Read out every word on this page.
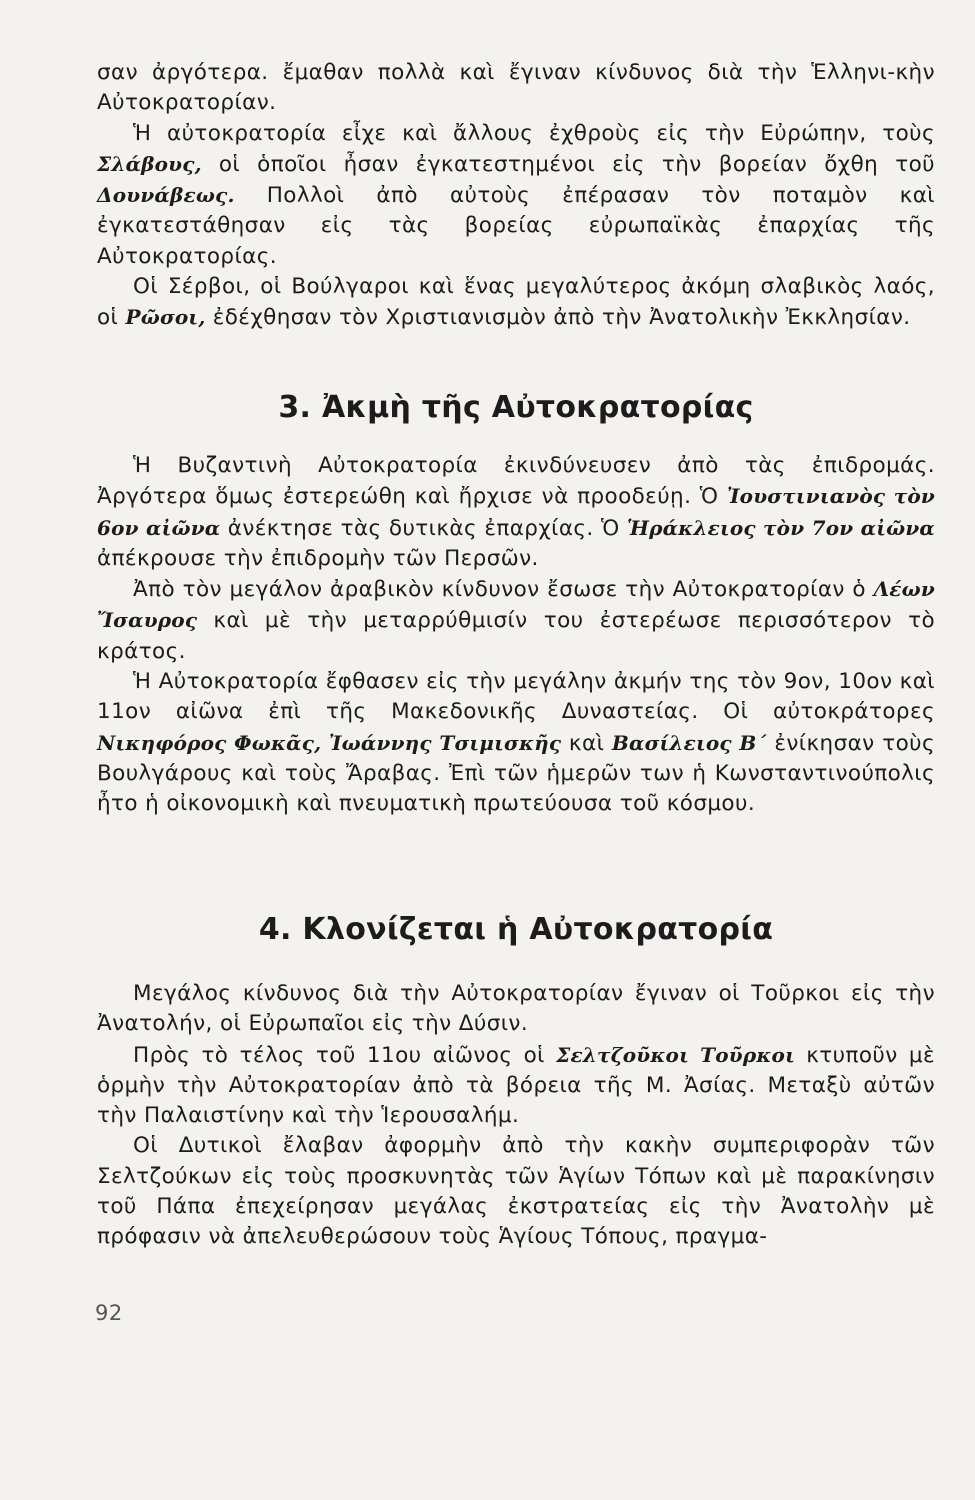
σαν ἀργότερα. ἔμαθαν πολλὰ καὶ ἔγιναν κίνδυνος διὰ τὴν Ἑλληνι-κὴν Αὐτοκρατορίαν.

Ἡ αὐτοκρατορία εἶχε καὶ ἄλλους ἐχθροὺς εἰς τὴν Εὐρώπην, τοὺς Σλάβους, οἱ ὁποῖοι ἦσαν ἐγκατεστημένοι εἰς τὴν βορείαν ὄχθη τοῦ Δουνάβεως. Πολλοὶ ἀπὸ αὐτοὺς ἐπέρασαν τὸν ποταμὸν καὶ ἐγκατεστάθησαν εἰς τὰς βορείας εὐρωπαϊκὰς ἐπαρχίας τῆς Αὐτοκρατορίας.

Οἱ Σέρβοι, οἱ Βούλγαροι καὶ ἕνας μεγαλύτερος ἀκόμη σλαβικὸς λαός, οἱ Ρῶσοι, ἐδέχθησαν τὸν Χριστιανισμὸν ἀπὸ τὴν Ἀνατολικὴν Ἐκκλησίαν.

3. Ἀκμὴ τῆς Αὐτοκρατορίας

Ἡ Βυζαντινὴ Αὐτοκρατορία ἐκινδύνευσεν ἀπὸ τὰς ἐπιδρομάς. Ἀργότερα ὅμως ἐστερεώθη καὶ ἤρχισε νὰ προοδεύῃ. Ὁ Ἰουστινιανὸς τὸν 6ον αἰῶνα ἀνέκτησε τὰς δυτικὰς ἐπαρχίας. Ὁ Ἡράκλειος τὸν 7ον αἰῶνα ἀπέκρουσε τὴν ἐπιδρομὴν τῶν Περσῶν.

Ἀπὸ τὸν μεγάλον ἀραβικὸν κίνδυνον ἔσωσε τὴν Αὐτοκρατορίαν ὁ Λέων Ἴσαυρος καὶ μὲ τὴν μεταρρύθμισίν του ἐστερέωσε περισσότερον τὸ κράτος.

Ἡ Αὐτοκρατορία ἔφθασεν εἰς τὴν μεγάλην ἀκμήν της τὸν 9ον, 10ον καὶ 11ον αἰῶνα ἐπὶ τῆς Μακεδονικῆς Δυναστείας. Οἱ αὐτοκράτορες Νικηφόρος Φωκᾶς, Ἰωάννης Τσιμισκῆς καὶ Βασίλειος Β΄ ἐνίκησαν τοὺς Βουλγάρους καὶ τοὺς Ἄραβας. Ἐπὶ τῶν ἡμερῶν των ἡ Κωνσταντινούπολις ἦτο ἡ οἰκονομικὴ καὶ πνευματικὴ πρωτεύουσα τοῦ κόσμου.

4. Κλονίζεται ἡ Αὐτοκρατορία

Μεγάλος κίνδυνος διὰ τὴν Αὐτοκρατορίαν ἔγιναν οἱ Τοῦρκοι εἰς τὴν Ἀνατολήν, οἱ Εὐρωπαῖοι εἰς τὴν Δύσιν.

Πρὸς τὸ τέλος τοῦ 11ου αἰῶνος οἱ Σελτζοῦκοι Τοῦρκοι κτυποῦν μὲ ὁρμὴν τὴν Αὐτοκρατορίαν ἀπὸ τὰ βόρεια τῆς Μ. Ἀσίας. Μεταξὺ αὐτῶν τὴν Παλαιστίνην καὶ τὴν Ἱερουσαλήμ.

Οἱ Δυτικοὶ ἔλαβαν ἀφορμὴν ἀπὸ τὴν κακὴν συμπεριφορὰν τῶν Σελτζούκων εἰς τοὺς προσκυνητὰς τῶν Ἁγίων Τόπων καὶ μὲ παρακίνησιν τοῦ Πάπα ἐπεχείρησαν μεγάλας ἐκστρατείας εἰς τὴν Ἀνατολὴν μὲ πρόφασιν νὰ ἀπελευθερώσουν τοὺς Ἁγίους Τόπους, πραγμα-

92
